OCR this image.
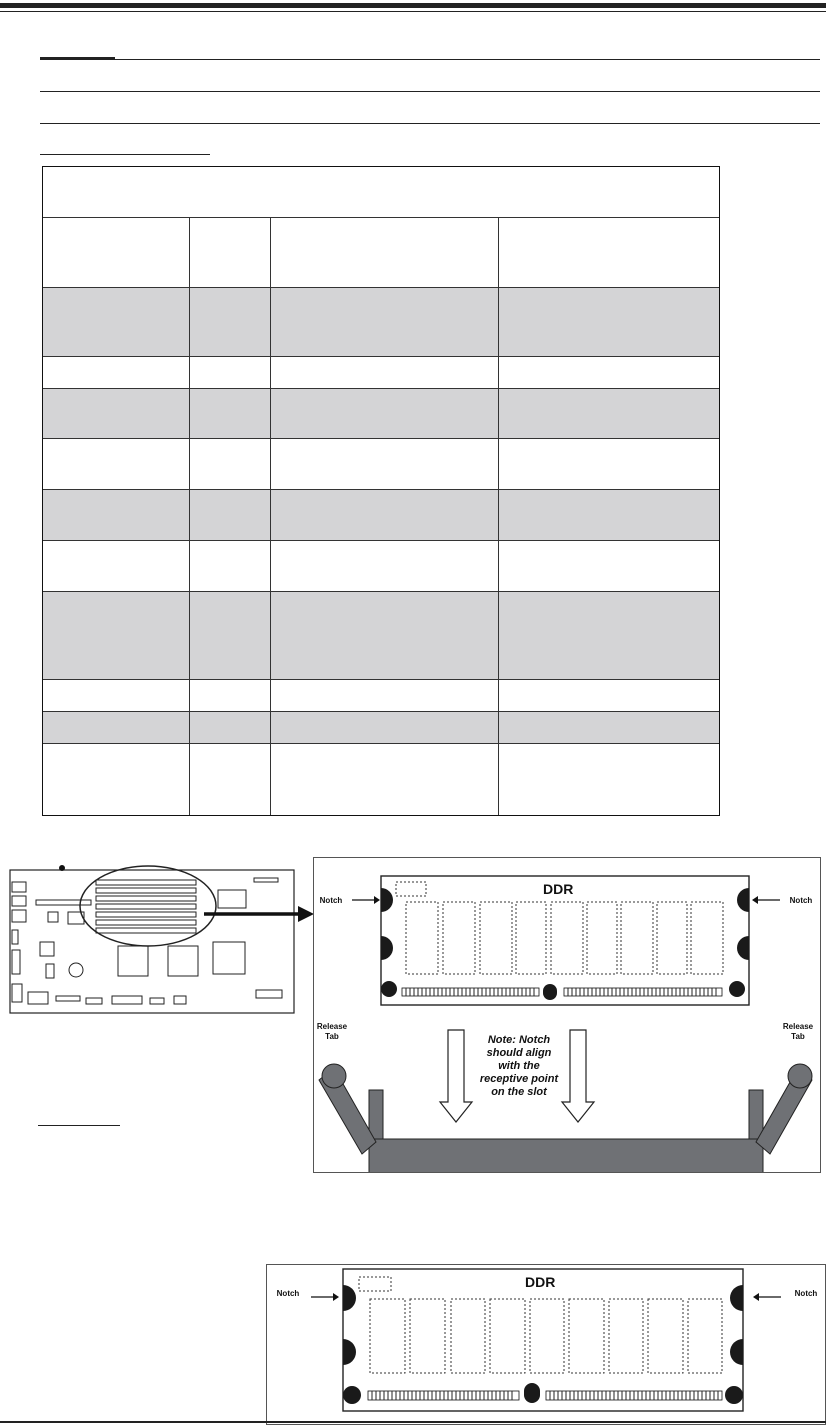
DDR
Notch	Notch
Release
Tab
Release
Tab
Note: Notch
should align
with the
receptive point
on the slot
DDR
Notch	Notch
